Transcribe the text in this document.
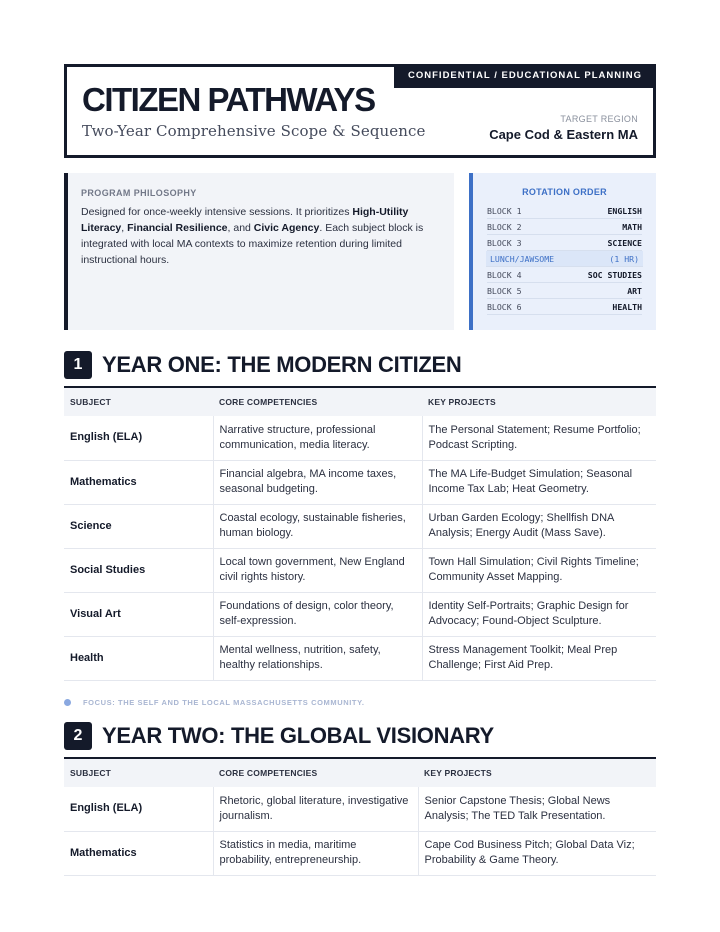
CONFIDENTIAL / EDUCATIONAL PLANNING
CITIZEN PATHWAYS
Two-Year Comprehensive Scope & Sequence
TARGET REGION
Cape Cod & Eastern MA
PROGRAM PHILOSOPHY
Designed for once-weekly intensive sessions. It prioritizes High-Utility Literacy, Financial Resilience, and Civic Agency. Each subject block is integrated with local MA contexts to maximize retention during limited instructional hours.
ROTATION ORDER
BLOCK 1	ENGLISH
BLOCK 2	MATH
BLOCK 3	SCIENCE
LUNCH/JAWSOME	(1 HR)
BLOCK 4	SOC STUDIES
BLOCK 5	ART
BLOCK 6	HEALTH
1 YEAR ONE: THE MODERN CITIZEN
SUBJECT	CORE COMPETENCIES	KEY PROJECTS
English (ELA)	Narrative structure, professional communication, media literacy.	The Personal Statement; Resume Portfolio; Podcast Scripting.
Mathematics	Financial algebra, MA income taxes, seasonal budgeting.	The MA Life-Budget Simulation; Seasonal Income Tax Lab; Heat Geometry.
Science	Coastal ecology, sustainable fisheries, human biology.	Urban Garden Ecology; Shellfish DNA Analysis; Energy Audit (Mass Save).
Social Studies	Local town government, New England civil rights history.	Town Hall Simulation; Civil Rights Timeline; Community Asset Mapping.
Visual Art	Foundations of design, color theory, self-expression.	Identity Self-Portraits; Graphic Design for Advocacy; Found-Object Sculpture.
Health	Mental wellness, nutrition, safety, healthy relationships.	Stress Management Toolkit; Meal Prep Challenge; First Aid Prep.
FOCUS: THE SELF AND THE LOCAL MASSACHUSETTS COMMUNITY.
2 YEAR TWO: THE GLOBAL VISIONARY
SUBJECT	CORE COMPETENCIES	KEY PROJECTS
English (ELA)	Rhetoric, global literature, investigative journalism.	Senior Capstone Thesis; Global News Analysis; The TED Talk Presentation.
Mathematics	Statistics in media, maritime probability, entrepreneurship.	Cape Cod Business Pitch; Global Data Viz; Probability & Game Theory.
